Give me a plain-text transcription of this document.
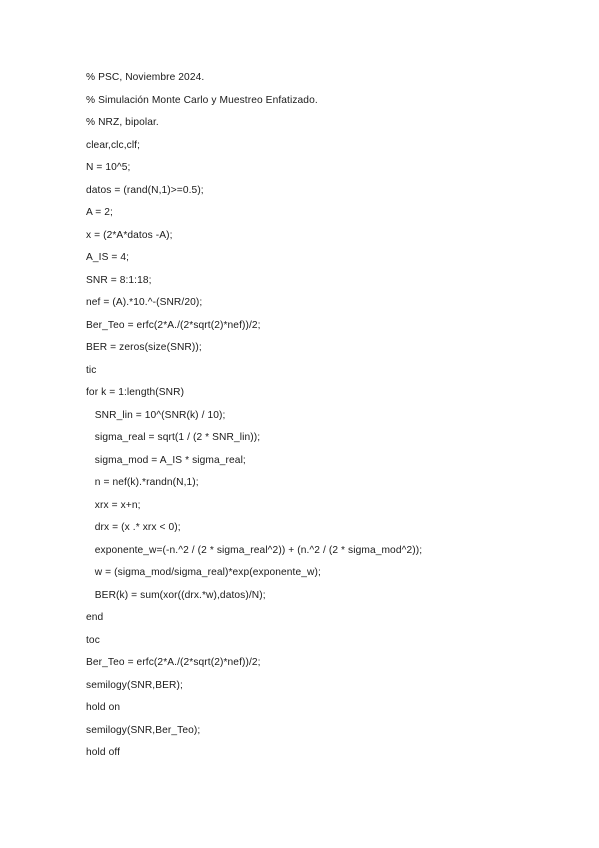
% PSC, Noviembre 2024.
% Simulación Monte Carlo y Muestreo Enfatizado.
% NRZ, bipolar.
clear,clc,clf;
N = 10^5;
datos = (rand(N,1)>=0.5);
A = 2;
x = (2*A*datos -A);
A_IS = 4;
SNR = 8:1:18;
nef = (A).*10.^-(SNR/20);
Ber_Teo = erfc(2*A./(2*sqrt(2)*nef))/2;
BER = zeros(size(SNR));
tic
for k = 1:length(SNR)
SNR_lin = 10^(SNR(k) / 10);
sigma_real = sqrt(1 / (2 * SNR_lin));
sigma_mod = A_IS * sigma_real;
n = nef(k).*randn(N,1);
xrx = x+n;
drx = (x .* xrx < 0);
exponente_w=(-n.^2 / (2 * sigma_real^2)) + (n.^2 / (2 * sigma_mod^2));
w = (sigma_mod/sigma_real)*exp(exponente_w);
BER(k) = sum(xor((drx.*w),datos)/N);
end
toc
Ber_Teo = erfc(2*A./(2*sqrt(2)*nef))/2;
semilogy(SNR,BER);
hold on
semilogy(SNR,Ber_Teo);
hold off
